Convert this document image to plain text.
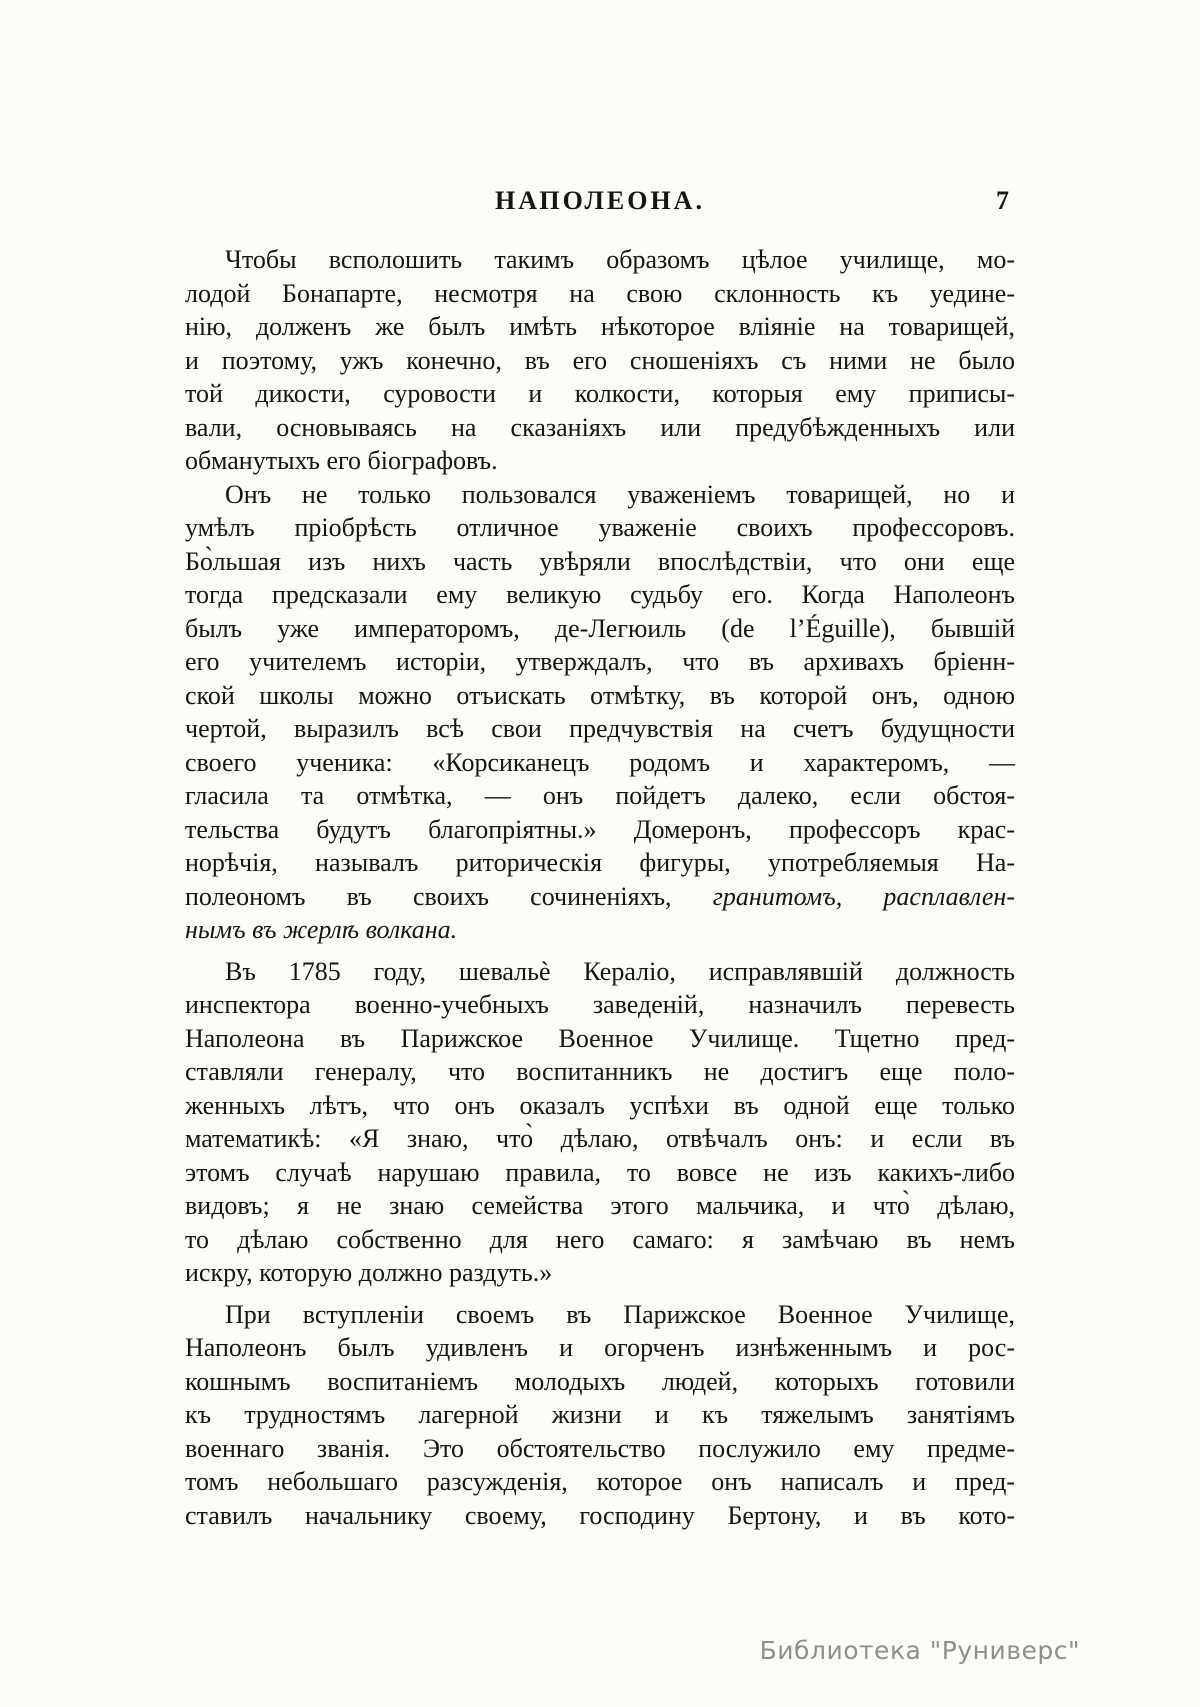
НАПОЛЕОНА.	7
Чтобы всполошить такимъ образомъ цѣлое училище, мо-
лодой Бонапарте, несмотря на свою склонность къ уедине-
нію, долженъ же былъ имѣть нѣкоторое вліяніе на товарищей,
и поэтому, ужъ конечно, въ его сношеніяхъ съ ними не было
той дикости, суровости и колкости, которыя ему приписы-
вали, основываясь на сказаніяхъ или предубѣжденныхъ или
обманутыхъ его біографовъ.
Онъ не только пользовался уваженіемъ товарищей, но и
умѣлъ пріобрѣсть отличное уваженіе своихъ профессоровъ.
Бо̀льшая изъ нихъ часть увѣряли впослѣдствіи, что они еще
тогда предсказали ему великую судьбу его. Когда Наполеонъ
былъ уже императоромъ, де-Легюиль (de l’Éguille), бывшій
его учителемъ исторіи, утверждалъ, что въ архивахъ бріенн-
ской школы можно отъискать отмѣтку, въ которой онъ, одною
чертой, выразилъ всѣ свои предчувствія на счетъ будущности
своего ученика: «Корсиканецъ родомъ и характеромъ, —
гласила та отмѣтка, — онъ пойдетъ далеко, если обстоя-
тельства будутъ благопріятны.» Домеронъ, профессоръ крас-
норѣчія, называлъ риторическія фигуры, употребляемыя На-
полеономъ въ своихъ сочиненіяхъ, гранитомъ, расплавлен-
нымъ въ жерлѣ волкана.
Въ 1785 году, шевальѐ Кераліо, исправлявшій должность
инспектора военно-учебныхъ заведеній, назначилъ перевесть
Наполеона въ Парижское Военное Училище. Тщетно пред-
ставляли генералу, что воспитанникъ не достигъ еще поло-
женныхъ лѣтъ, что онъ оказалъ успѣхи въ одной еще только
математикѣ: «Я знаю, что̀ дѣлаю, отвѣчалъ онъ: и если въ
этомъ случаѣ нарушаю правила, то вовсе не изъ какихъ-либо
видовъ; я не знаю семейства этого мальчика, и что̀ дѣлаю,
то дѣлаю собственно для него самаго: я замѣчаю въ немъ
искру, которую должно раздуть.»
При вступленіи своемъ въ Парижское Военное Училище,
Наполеонъ былъ удивленъ и огорченъ изнѣженнымъ и рос-
кошнымъ воспитаніемъ молодыхъ людей, которыхъ готовили
къ трудностямъ лагерной жизни и къ тяжелымъ занятіямъ
военнаго званія. Это обстоятельство послужило ему предме-
томъ небольшаго разсужденія, которое онъ написалъ и пред-
ставилъ начальнику своему, господину Бертону, и въ кото-
Библиотека "Руниверс"
